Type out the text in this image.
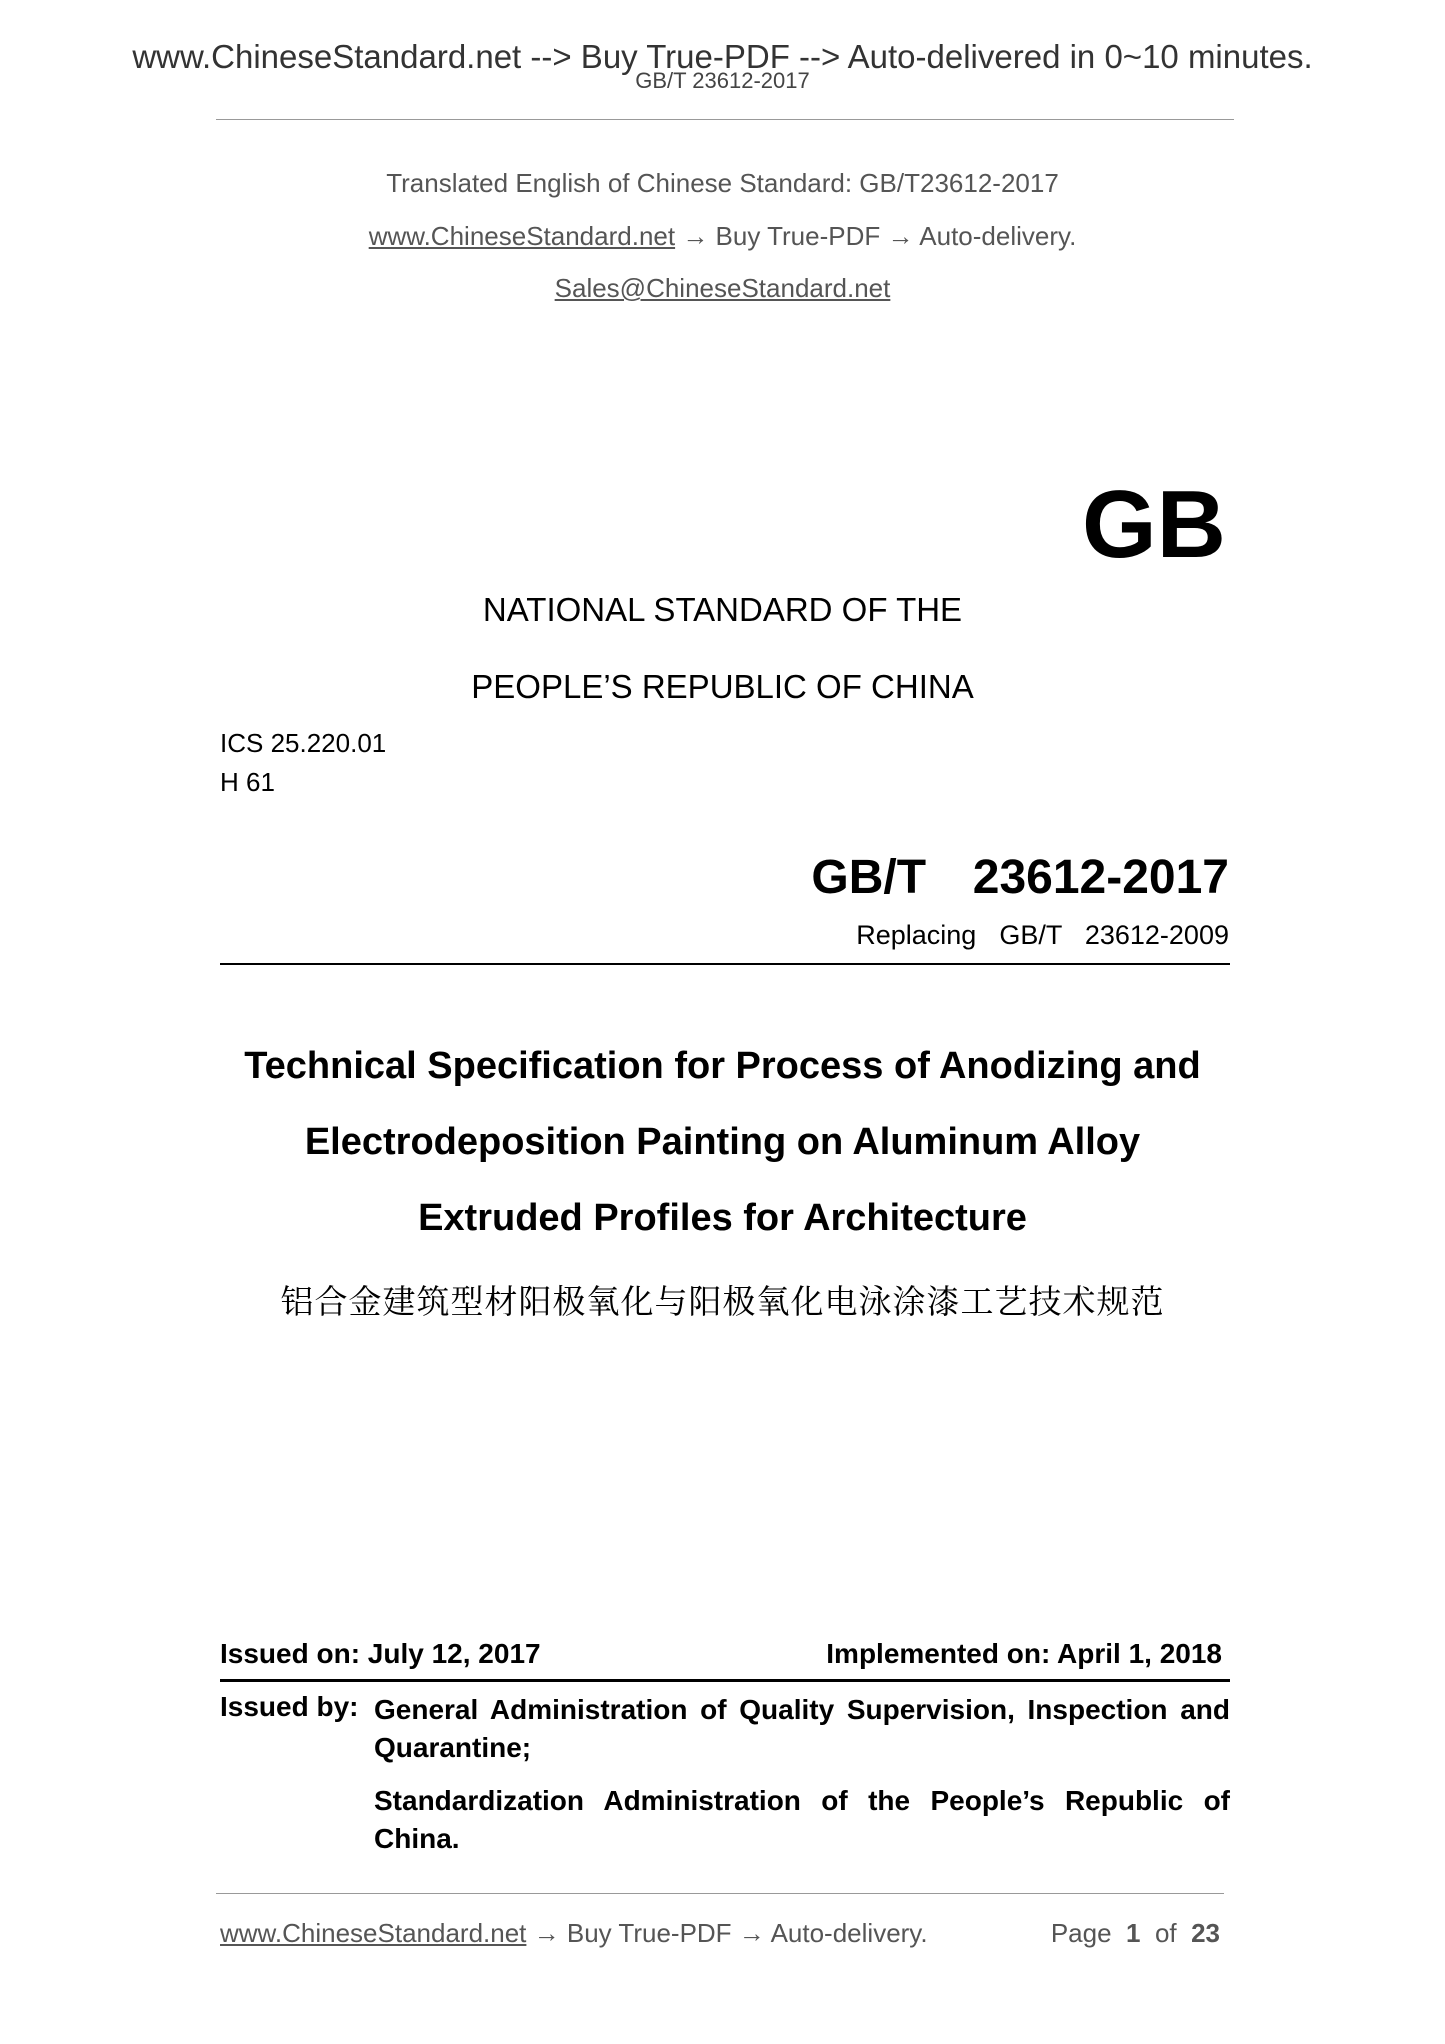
www.ChineseStandard.net --> Buy True-PDF --> Auto-delivered in 0~10 minutes.
GB/T 23612-2017
Translated English of Chinese Standard: GB/T23612-2017
www.ChineseStandard.net → Buy True-PDF → Auto-delivery.
Sales@ChineseStandard.net
GB
NATIONAL STANDARD OF THE
PEOPLE’S REPUBLIC OF CHINA
ICS 25.220.01
H 61
GB/T  23612-2017
Replacing  GB/T  23612-2009
Technical Specification for Process of Anodizing and
Electrodeposition Painting on Aluminum Alloy
Extruded Profiles for Architecture
铝合金建筑型材阳极氧化与阳极氧化电泳涂漆工艺技术规范
Issued on: July 12, 2017	Implemented on: April 1, 2018
Issued by: General Administration of Quality Supervision, Inspection and Quarantine;
Standardization Administration of the People’s Republic of China.
www.ChineseStandard.net → Buy True-PDF → Auto-delivery.	Page 1 of 23
